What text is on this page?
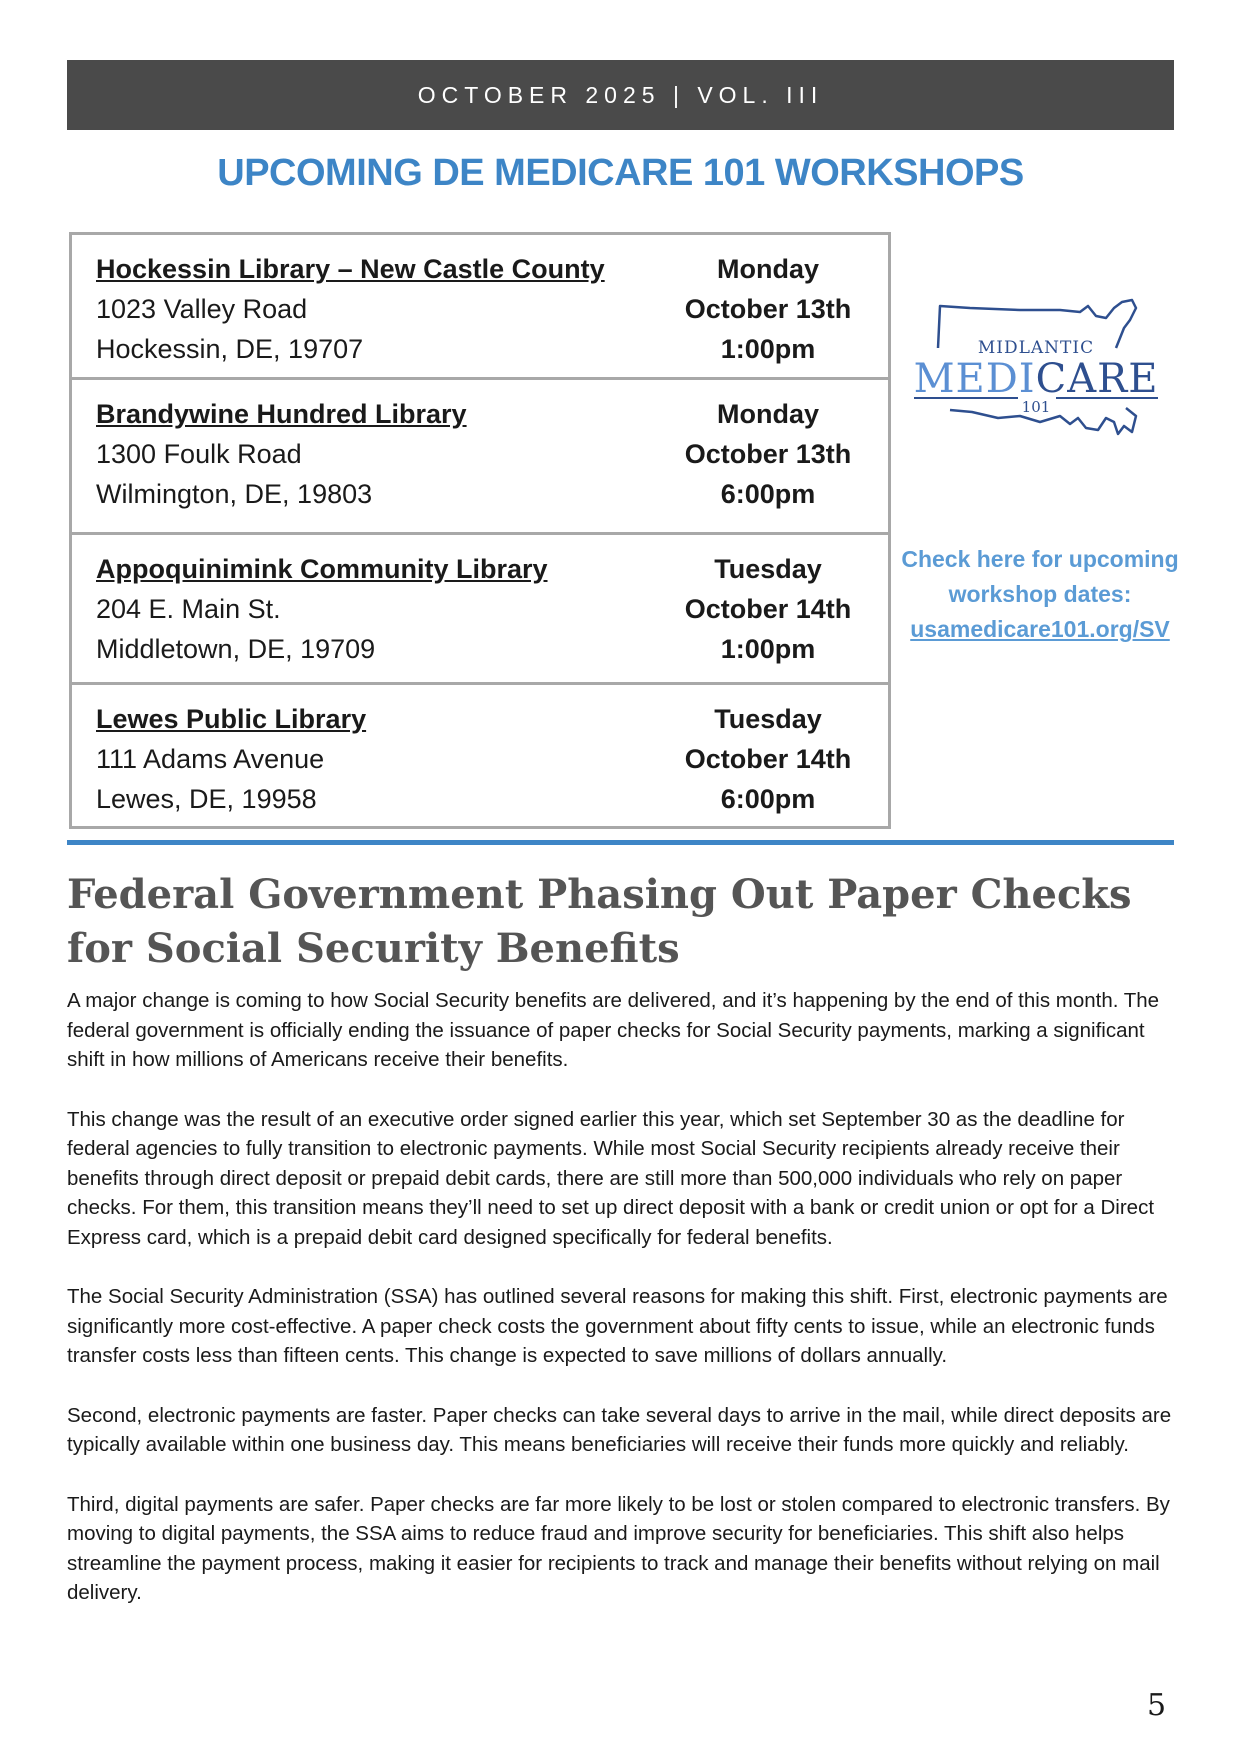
OCTOBER 2025 | VOL. III
UPCOMING DE MEDICARE 101 WORKSHOPS
Hockessin Library – New Castle County
1023 Valley Road
Hockessin, DE, 19707
Monday
October 13th
1:00pm
Brandywine Hundred Library
1300 Foulk Road
Wilmington, DE, 19803
Monday
October 13th
6:00pm
Appoquinimink Community Library
204 E. Main St.
Middletown, DE, 19709
Tuesday
October 14th
1:00pm
Lewes Public Library
111 Adams Avenue
Lewes, DE, 19958
Tuesday
October 14th
6:00pm
MIDLANTIC
MEDICARE
101
Check here for upcoming
workshop dates:
usamedicare101.org/SV
Federal Government Phasing Out Paper Checks for Social Security Benefits

A major change is coming to how Social Security benefits are delivered, and it’s happening by the end of this month. The federal government is officially ending the issuance of paper checks for Social Security payments, marking a significant shift in how millions of Americans receive their benefits.

This change was the result of an executive order signed earlier this year, which set September 30 as the deadline for federal agencies to fully transition to electronic payments. While most Social Security recipients already receive their benefits through direct deposit or prepaid debit cards, there are still more than 500,000 individuals who rely on paper checks. For them, this transition means they’ll need to set up direct deposit with a bank or credit union or opt for a Direct Express card, which is a prepaid debit card designed specifically for federal benefits.

The Social Security Administration (SSA) has outlined several reasons for making this shift. First, electronic payments are significantly more cost-effective. A paper check costs the government about fifty cents to issue, while an electronic funds transfer costs less than fifteen cents. This change is expected to save millions of dollars annually.

Second, electronic payments are faster. Paper checks can take several days to arrive in the mail, while direct deposits are typically available within one business day. This means beneficiaries will receive their funds more quickly and reliably.

Third, digital payments are safer. Paper checks are far more likely to be lost or stolen compared to electronic transfers. By moving to digital payments, the SSA aims to reduce fraud and improve security for beneficiaries. This shift also helps streamline the payment process, making it easier for recipients to track and manage their benefits without relying on mail delivery.

5
